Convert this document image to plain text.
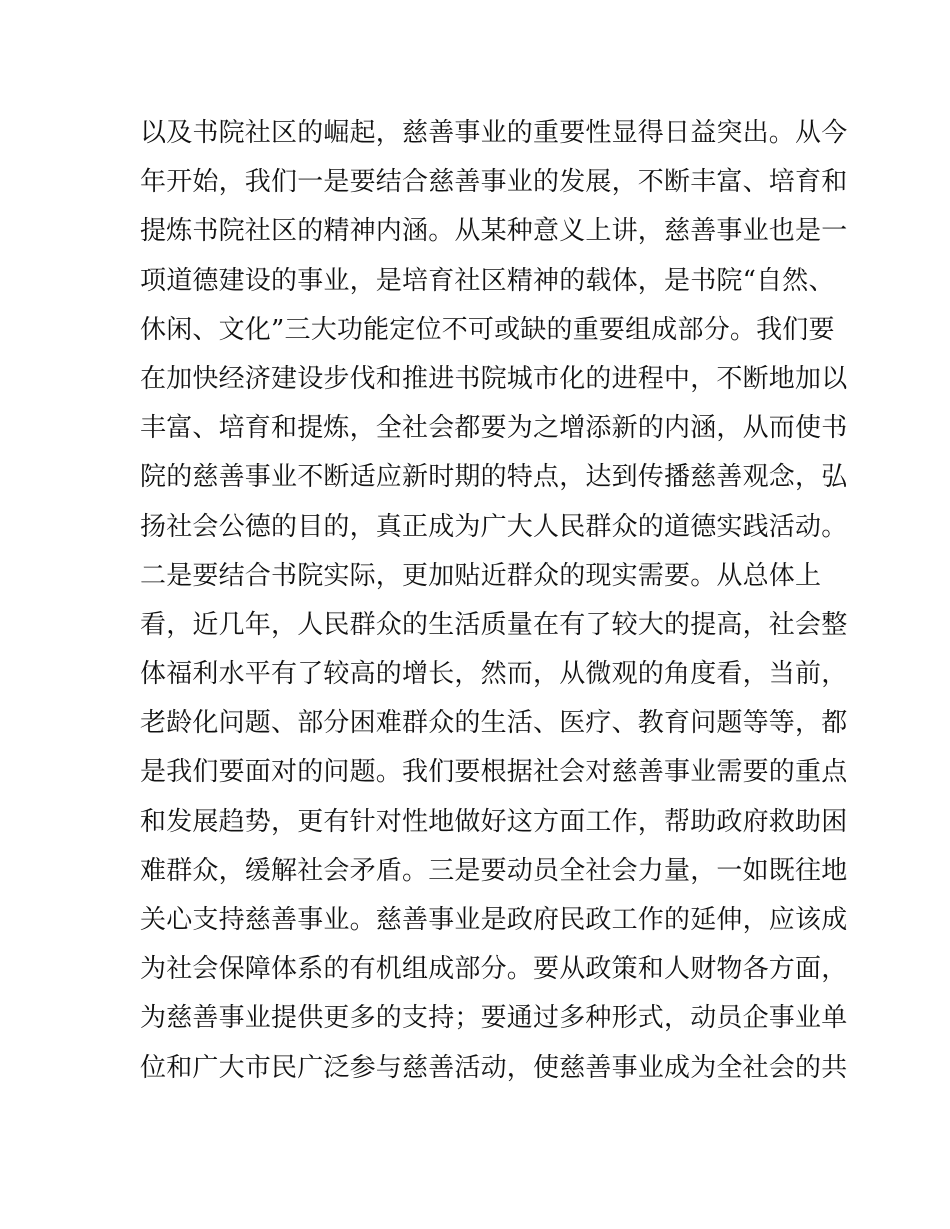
以及书院社区的崛起，慈善事业的重要性显得日益突出。从今
年开始，我们一是要结合慈善事业的发展，不断丰富、培育和
提炼书院社区的精神内涵。从某种意义上讲，慈善事业也是一
项道德建设的事业，是培育社区精神的载体，是书院“自然、
休闲、文化”三大功能定位不可或缺的重要组成部分。我们要
在加快经济建设步伐和推进书院城市化的进程中，不断地加以
丰富、培育和提炼，全社会都要为之增添新的内涵，从而使书
院的慈善事业不断适应新时期的特点，达到传播慈善观念，弘
扬社会公德的目的，真正成为广大人民群众的道德实践活动。
二是要结合书院实际，更加贴近群众的现实需要。从总体上
看，近几年，人民群众的生活质量在有了较大的提高，社会整
体福利水平有了较高的增长，然而，从微观的角度看，当前，
老龄化问题、部分困难群众的生活、医疗、教育问题等等，都
是我们要面对的问题。我们要根据社会对慈善事业需要的重点
和发展趋势，更有针对性地做好这方面工作，帮助政府救助困
难群众，缓解社会矛盾。三是要动员全社会力量，一如既往地
关心支持慈善事业。慈善事业是政府民政工作的延伸，应该成
为社会保障体系的有机组成部分。要从政策和人财物各方面，
为慈善事业提供更多的支持；要通过多种形式，动员企事业单
位和广大市民广泛参与慈善活动，使慈善事业成为全社会的共
